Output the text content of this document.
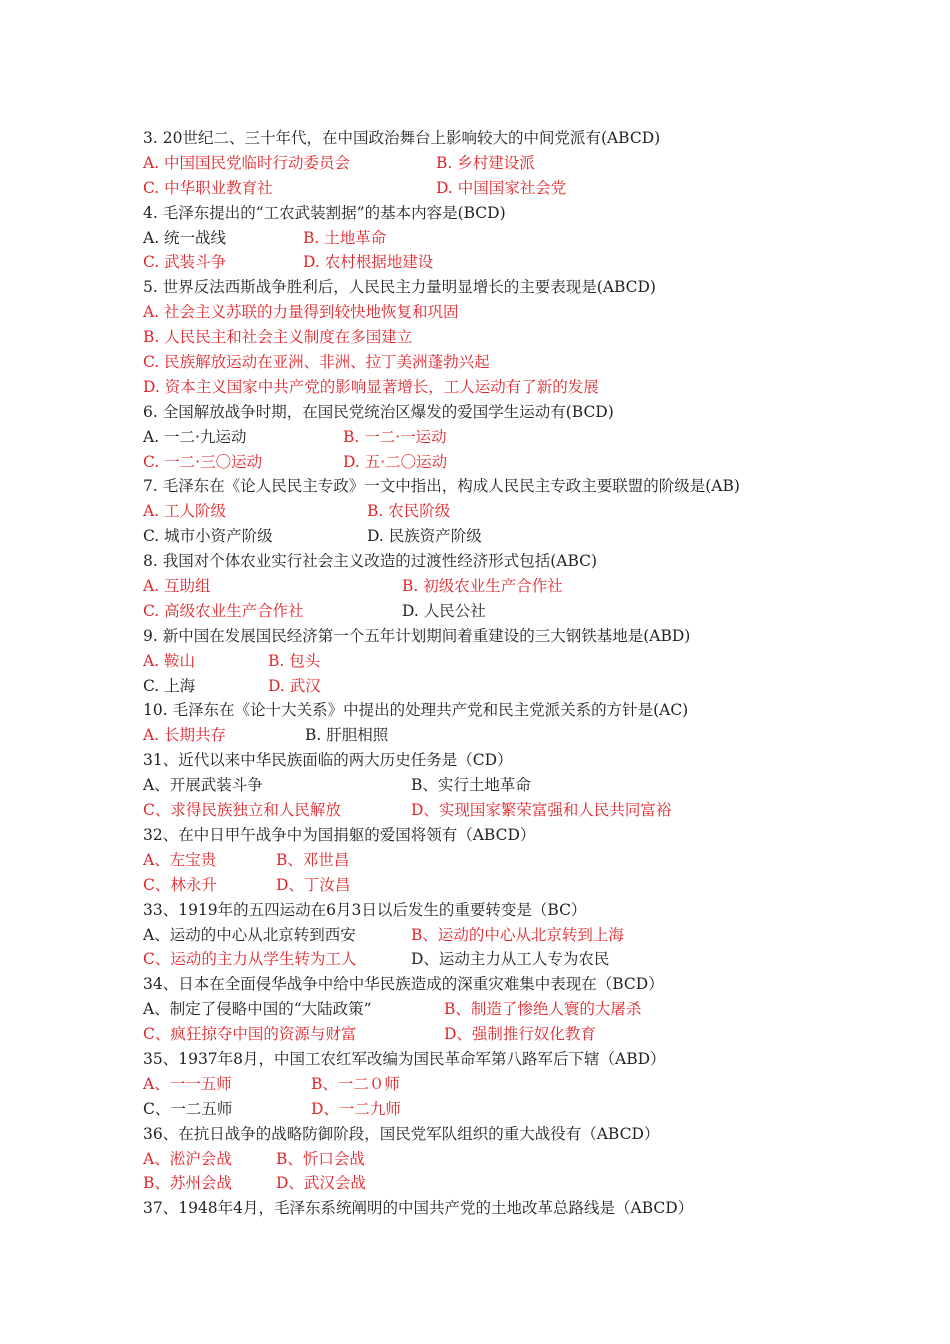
3. 20世纪二、三十年代，在中国政治舞台上影响较大的中间党派有(ABCD)
A. 中国国民党临时行动委员会	B. 乡村建设派
C. 中华职业教育社	D. 中国国家社会党
4. 毛泽东提出的“工农武装割据”的基本内容是(BCD)
A. 统一战线	B. 土地革命
C. 武装斗争	D. 农村根据地建设
5. 世界反法西斯战争胜利后，人民民主力量明显增长的主要表现是(ABCD)
A. 社会主义苏联的力量得到较快地恢复和巩固
B. 人民民主和社会主义制度在多国建立
C. 民族解放运动在亚洲、非洲、拉丁美洲蓬勃兴起
D. 资本主义国家中共产党的影响显著增长，工人运动有了新的发展
6. 全国解放战争时期，在国民党统治区爆发的爱国学生运动有(BCD)
A. 一二·九运动	B. 一二·一运动
C. 一二·三〇运动	D. 五·二〇运动
7. 毛泽东在《论人民民主专政》一文中指出，构成人民民主专政主要联盟的阶级是(AB)
A. 工人阶级	B. 农民阶级
C. 城市小资产阶级	D. 民族资产阶级
8. 我国对个体农业实行社会主义改造的过渡性经济形式包括(ABC)
A. 互助组	B. 初级农业生产合作社
C. 高级农业生产合作社	D. 人民公社
9. 新中国在发展国民经济第一个五年计划期间着重建设的三大钢铁基地是(ABD)
A. 鞍山	B. 包头
C. 上海	D. 武汉
10. 毛泽东在《论十大关系》中提出的处理共产党和民主党派关系的方针是(AC)
A. 长期共存	B. 肝胆相照
31、近代以来中华民族面临的两大历史任务是（CD）
A、开展武装斗争	B、实行土地革命
C、求得民族独立和人民解放	D、实现国家繁荣富强和人民共同富裕
32、在中日甲午战争中为国捐躯的爱国将领有（ABCD）
A、左宝贵	B、邓世昌
C、林永升	D、丁汝昌
33、1919年的五四运动在6月3日以后发生的重要转变是（BC）
A、运动的中心从北京转到西安	B、运动的中心从北京转到上海
C、运动的主力从学生转为工人	D、运动主力从工人专为农民
34、日本在全面侵华战争中给中华民族造成的深重灾难集中表现在（BCD）
A、制定了侵略中国的“大陆政策”	B、制造了惨绝人寰的大屠杀
C、疯狂掠夺中国的资源与财富	D、强制推行奴化教育
35、1937年8月，中国工农红军改编为国民革命军第八路军后下辖（ABD）
A、一一五师	B、一二０师
C、一二五师	D、一二九师
36、在抗日战争的战略防御阶段，国民党军队组织的重大战役有（ABCD）
A、淞沪会战	B、忻口会战
B、苏州会战	D、武汉会战
37、1948年4月，毛泽东系统阐明的中国共产党的土地改革总路线是（ABCD）
